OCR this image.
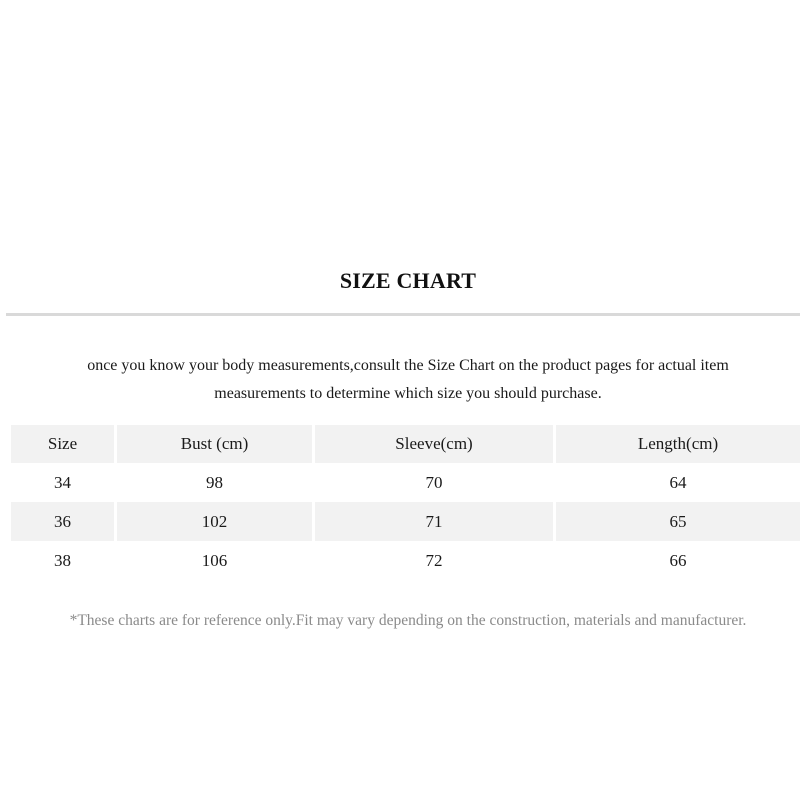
SIZE CHART
once you know your body measurements,consult the Size Chart on the product pages for actual item
measurements to determine which size you should purchase.
Size	Bust (cm)	Sleeve(cm)	Length(cm)
34	98	70	64
36	102	71	65
38	106	72	66
*These charts are for reference only.Fit may vary depending on the construction, materials and manufacturer.
